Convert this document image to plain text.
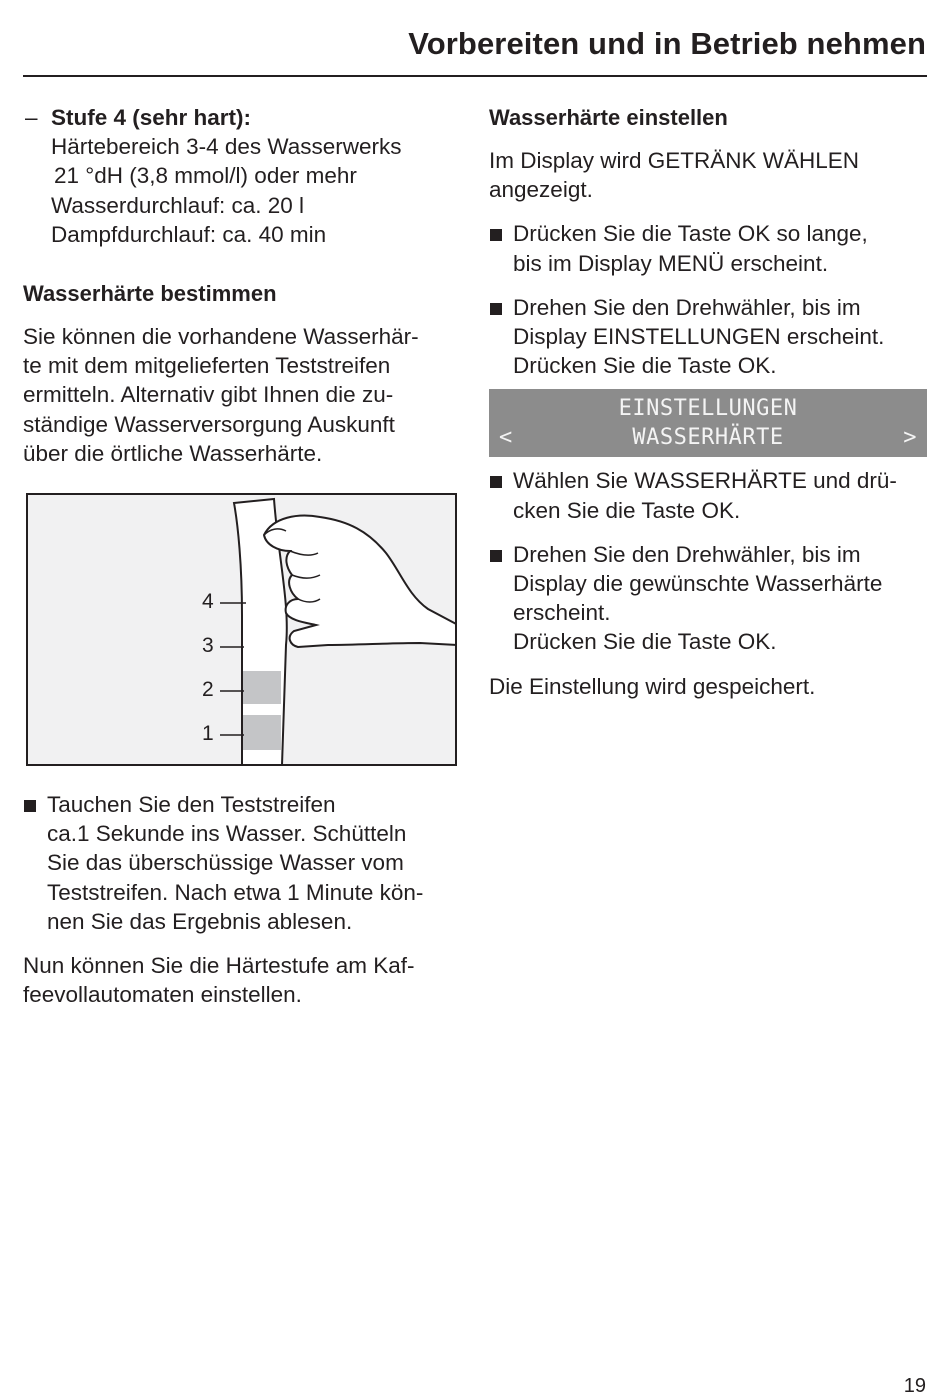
Vorbereiten und in Betrieb nehmen
– Stufe 4 (sehr hart):
Härtebereich 3-4 des Wasserwerks

21 °dH (3,8 mmol/l) oder mehr
Wasserdurchlauf: ca. 20 l
Dampfdurchlauf: ca. 40 min

Wasserhärte bestimmen

Sie können die vorhandene Wasserhär-
te mit dem mitgelieferten Teststreifen
ermitteln. Alternativ gibt Ihnen die zu-
ständige Wasserversorgung Auskunft
über die örtliche Wasserhärte.

4
3
2
1

Tauchen Sie den Teststreifen
ca.1 Sekunde ins Wasser. Schütteln
Sie das überschüssige Wasser vom
Teststreifen. Nach etwa 1 Minute kön-
nen Sie das Ergebnis ablesen.

Nun können Sie die Härtestufe am Kaf-
feevollautomaten einstellen.

Wasserhärte einstellen

Im Display wird GETRÄNK WÄHLEN
angezeigt.

Drücken Sie die Taste OK so lange,
bis im Display MENÜ erscheint.

Drehen Sie den Drehwähler, bis im
Display EINSTELLUNGEN erscheint.
Drücken Sie die Taste OK.

EINSTELLUNGEN
WASSERHÄRTE
<	>

Wählen Sie WASSERHÄRTE und drü-
cken Sie die Taste OK.

Drehen Sie den Drehwähler, bis im
Display die gewünschte Wasserhärte
erscheint.
Drücken Sie die Taste OK.

Die Einstellung wird gespeichert.

19
